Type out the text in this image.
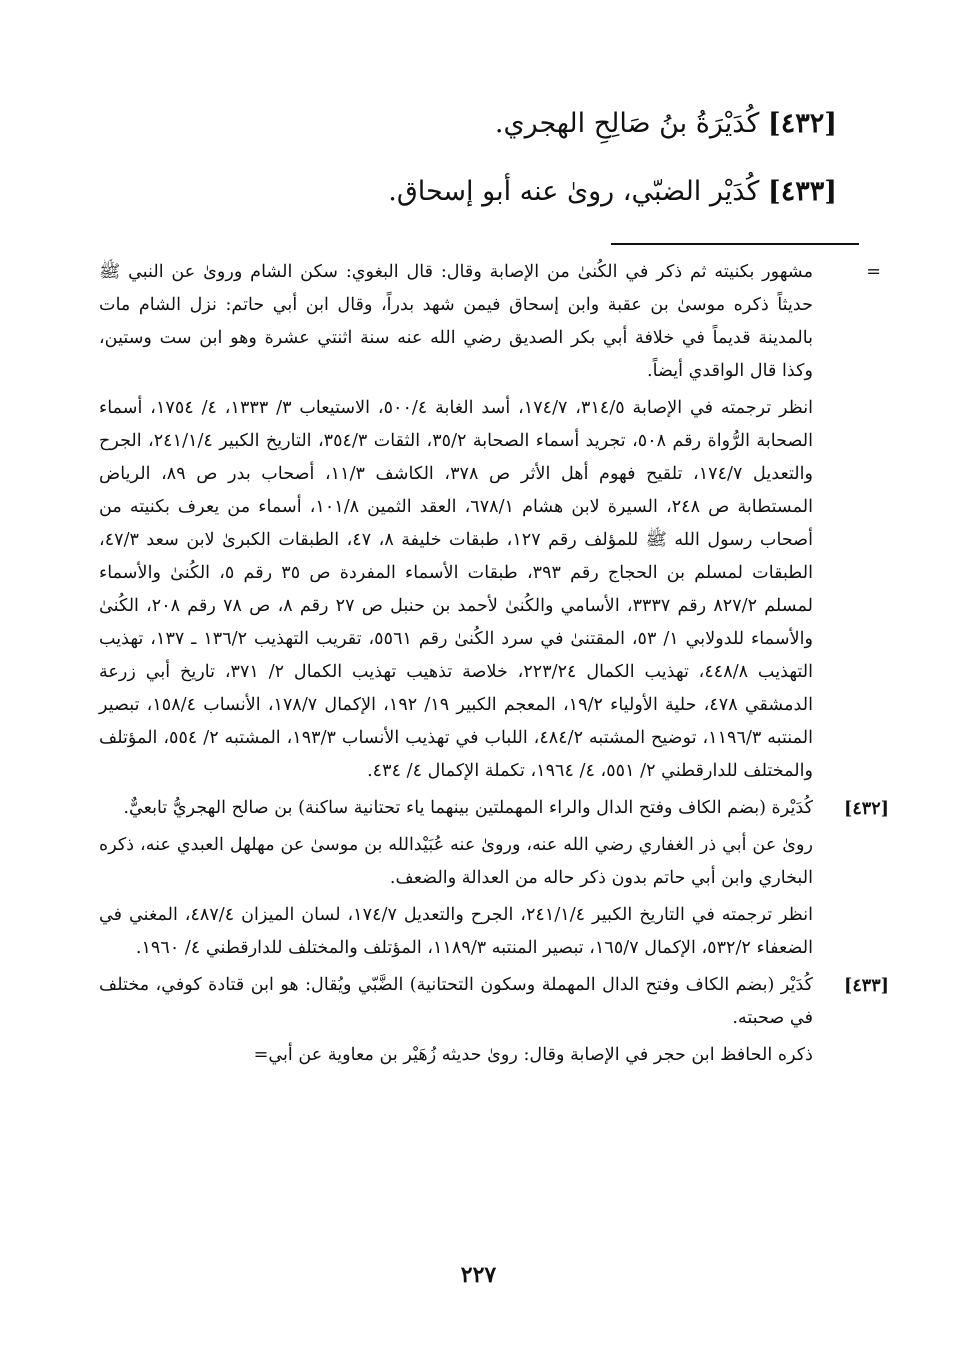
[٤٣٢] كُدَيْرَةُ بنُ صَالِحِ الهجري.
[٤٣٣] كُدَيْر الضبّي، روىٰ عنه أبو إسحاق.

= مشهور بكنيته ثم ذكر في الكُنىٰ من الإصابة وقال: قال البغوي: سكن الشام وروىٰ عن النبي ﷺ حديثاً ذكره موسىٰ بن عقبة وابن إسحاق فيمن شهد بدراً، وقال ابن أبي حاتم: نزل الشام مات بالمدينة قديماً في خلافة أبي بكر الصديق رضي الله عنه سنة اثنتي عشرة وهو ابن ست وستين، وكذا قال الواقدي أيضاً.

انظر ترجمته في الإصابة ٣١٤/٥، ١٧٤/٧، أسد الغابة ٥٠٠/٤، الاستيعاب ٣/ ١٣٣٣، ٤/ ١٧٥٤، أسماء الصحابة الرُّواة رقم ٥٠٨، تجريد أسماء الصحابة ٣٥/٢، الثقات ٣٥٤/٣، التاريخ الكبير ٢٤١/١/٤، الجرح والتعديل ١٧٤/٧، تلقيح فهوم أهل الأثر ص ٣٧٨، الكاشف ١١/٣، أصحاب بدر ص ٨٩، الرياض المستطابة ص ٢٤٨، السيرة لابن هشام ٦٧٨/١، العقد الثمين ١٠١/٨، أسماء من يعرف بكنيته من أصحاب رسول الله ﷺ للمؤلف رقم ١٢٧، طبقات خليفة ٨، ٤٧، الطبقات الكبرىٰ لابن سعد ٤٧/٣، الطبقات لمسلم بن الحجاج رقم ٣٩٣، طبقات الأسماء المفردة ص ٣٥ رقم ٥، الكُنىٰ والأسماء لمسلم ٨٢٧/٢ رقم ٣٣٣٧، الأسامي والكُنىٰ لأحمد بن حنبل ص ٢٧ رقم ٨، ص ٧٨ رقم ٢٠٨، الكُنىٰ والأسماء للدولابي ١/ ٥٣، المقتنىٰ في سرد الكُنىٰ رقم ٥٥٦١، تقريب التهذيب ١٣٦/٢ ـ ١٣٧، تهذيب التهذيب ٤٤٨/٨، تهذيب الكمال ٢٢٣/٢٤، خلاصة تذهيب تهذيب الكمال ٢/ ٣٧١، تاريخ أبي زرعة الدمشقي ٤٧٨، حلية الأولياء ١٩/٢، المعجم الكبير ١٩/ ١٩٢، الإكمال ١٧٨/٧، الأنساب ١٥٨/٤، تبصير المنتبه ١١٩٦/٣، توضيح المشتبه ٤٨٤/٢، اللباب في تهذيب الأنساب ١٩٣/٣، المشتبه ٢/ ٥٥٤، المؤتلف والمختلف للدارقطني ٢/ ٥٥١، ٤/ ١٩٦٤، تكملة الإكمال ٤/ ٤٣٤.

[٤٣٢]
كُدَيْرة (بضم الكاف وفتح الدال والراء المهملتين بينهما ياء تحتانية ساكنة) بن صالح الهجريُّ تابعيٌّ.

روىٰ عن أبي ذر الغفاري رضي الله عنه، وروىٰ عنه عُبَيْدالله بن موسىٰ عن مهلهل العبدي عنه، ذكره البخاري وابن أبي حاتم بدون ذكر حاله من العدالة والضعف.

انظر ترجمته في التاريخ الكبير ٢٤١/١/٤، الجرح والتعديل ١٧٤/٧، لسان الميزان ٤٨٧/٤، المغني في الضعفاء ٥٣٢/٢، الإكمال ١٦٥/٧، تبصير المنتبه ١١٨٩/٣، المؤتلف والمختلف للدارقطني ٤/ ١٩٦٠.

[٤٣٣]
كُدَيْر (بضم الكاف وفتح الدال المهملة وسكون التحتانية) الضَّبّي ويُقال: هو ابن قتادة كوفي، مختلف في صحبته.

ذكره الحافظ ابن حجر في الإصابة وقال: روىٰ حديثه زُهَيْر بن معاوية عن أبي=

٢٢٧
